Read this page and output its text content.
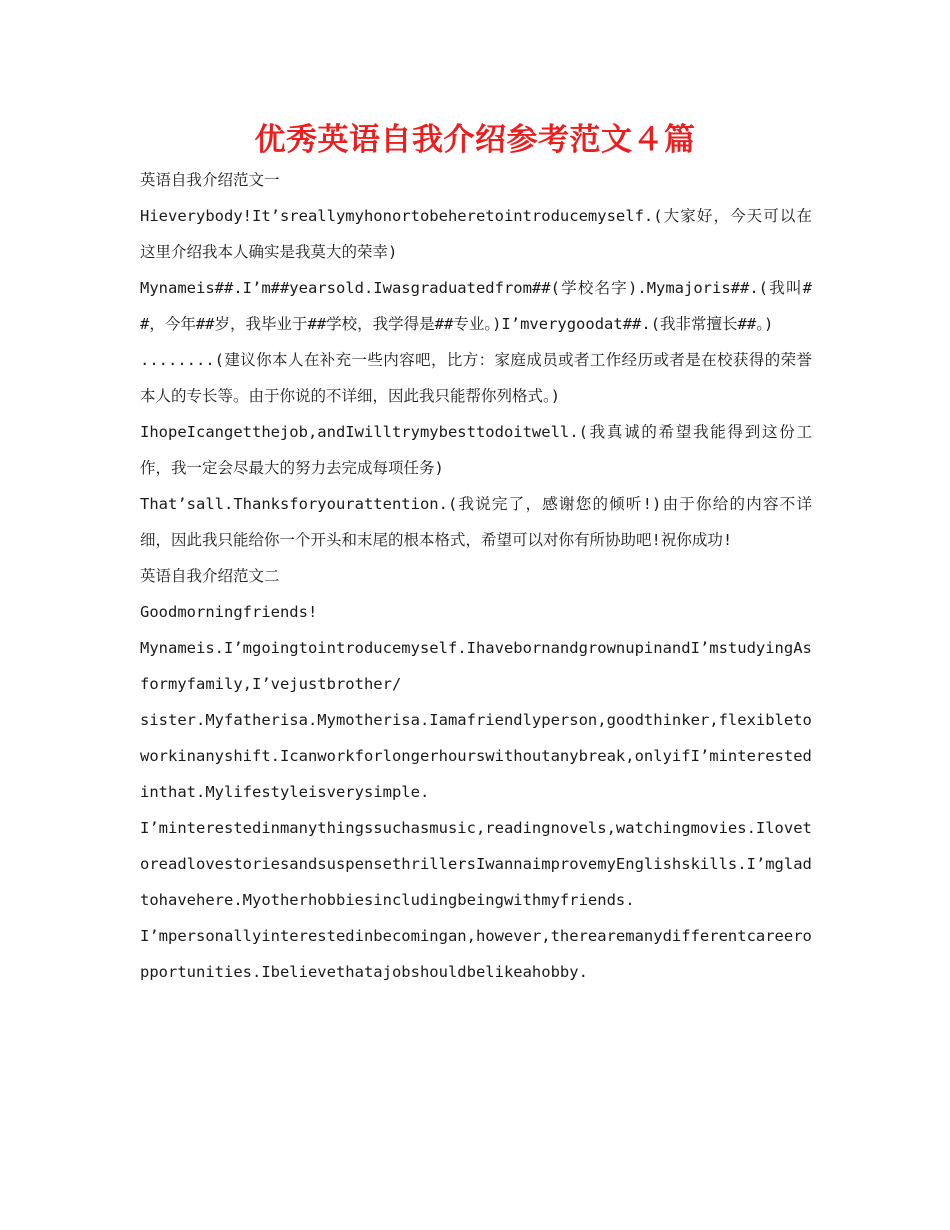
优秀英语自我介绍参考范文４篇

英语自我介绍范文一

Hieverybody!It’sreallymyhonortobeheretointroducemyself.(大家好，今天可以在这里介绍我本人确实是我莫大的荣幸)

Mynameis##.I’m##yearsold.Iwasgraduatedfrom##(学校名字).Mymajoris##.(我叫##，今年##岁，我毕业于##学校，我学得是##专业。)I’mverygoodat##.(我非常擅长##。)

........(建议你本人在补充一些内容吧，比方：家庭成员或者工作经历或者是在校获得的荣誉本人的专长等。由于你说的不详细，因此我只能帮你列格式。)

IhopeIcangetthejob,andIwilltrymybesttodoitwell.(我真诚的希望我能得到这份工作，我一定会尽最大的努力去完成每项任务)

That’sall.Thanksforyourattention.(我说完了，感谢您的倾听!)由于你给的内容不详细，因此我只能给你一个开头和末尾的根本格式，希望可以对你有所协助吧!祝你成功!

英语自我介绍范文二

Goodmorningfriends!

Mynameis.I’mgoingtointroducemyself.IhavebornandgrownupinandI’mstudyingAsformyfamily,I’vejustbrother/

sister.Myfatherisa.Mymotherisa.Iamafriendlyperson,goodthinker,flexibletoworkinanyshift.Icanworkforlongerhourswithoutanybreak,onlyifI’minterestedinthat.Mylifestyleisverysimple.

I’minterestedinmanythingssuchasmusic,readingnovels,watchingmovies.IlovetoreadlovestoriesandsuspensethrillersIwannaimprovemyEnglishskills.I’mgladtohavehere.Myotherhobbiesincludingbeingwithmyfriends.

I’mpersonallyinterestedinbecomingan,however,therearemanydifferentcareeropportunities.Ibelievethatajobshouldbelikeahobby.
